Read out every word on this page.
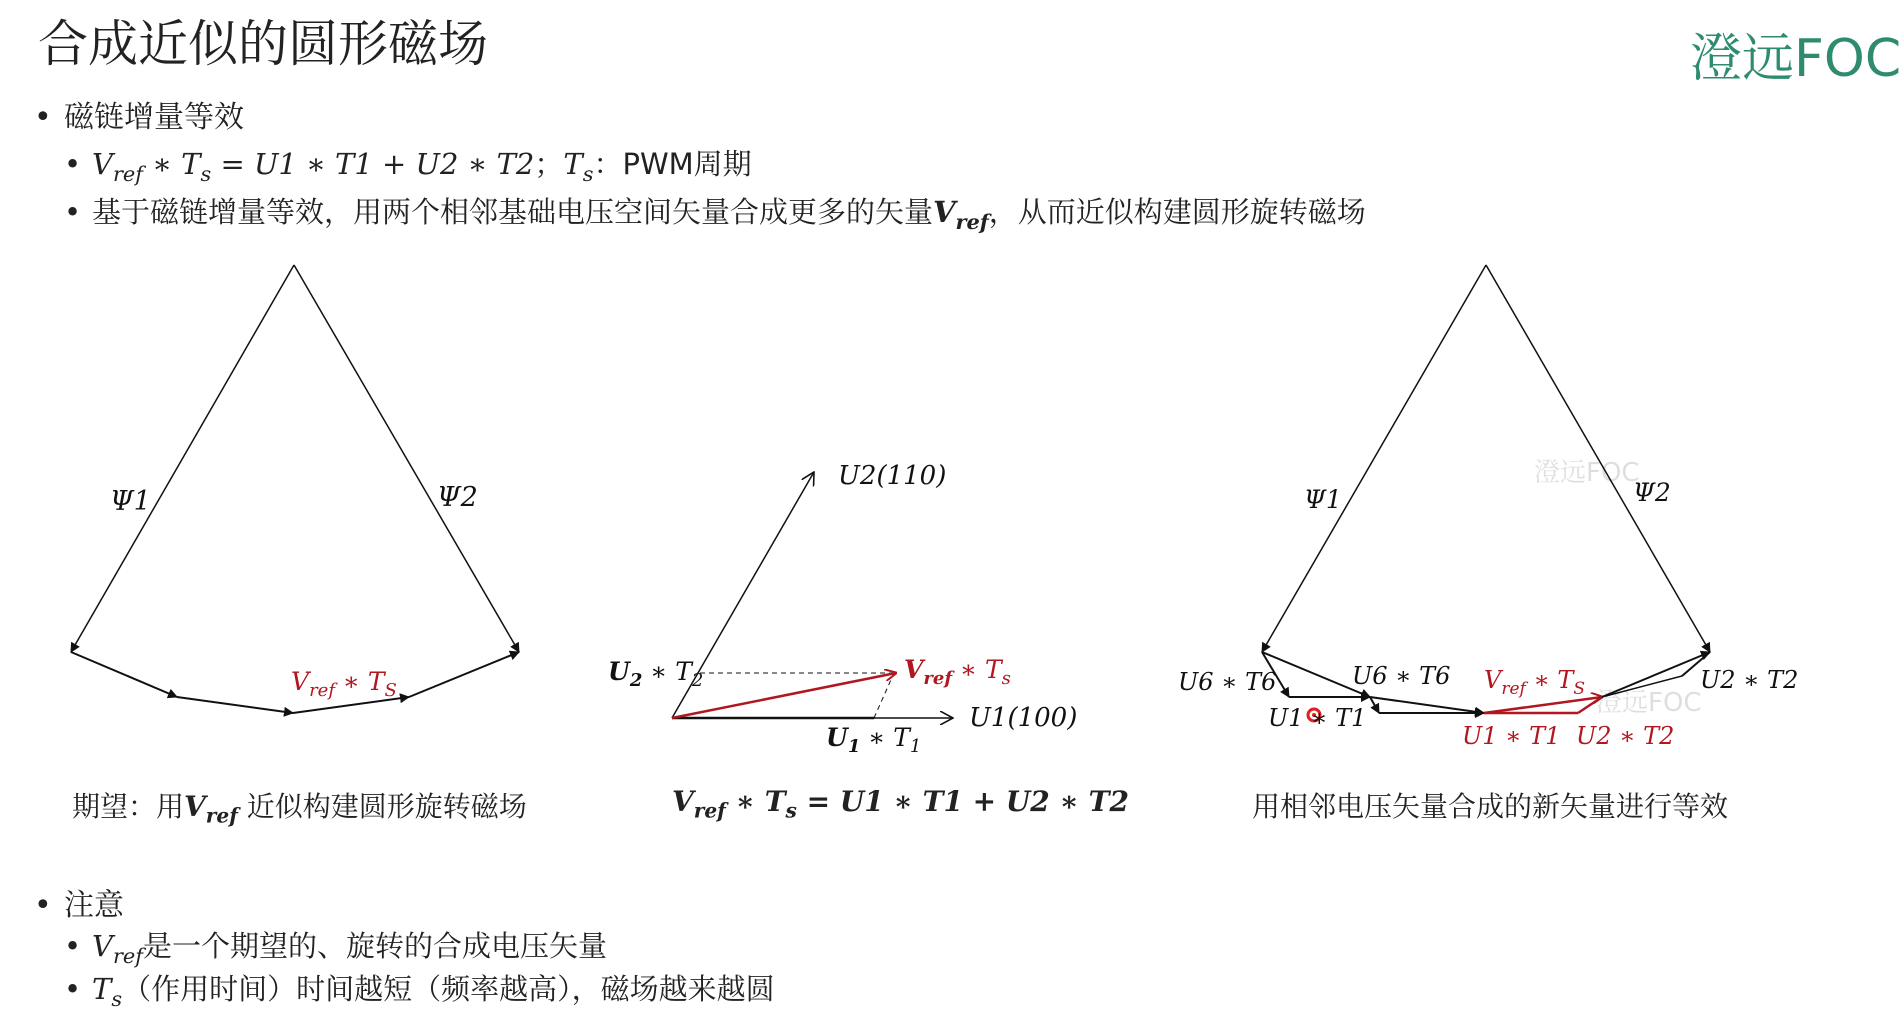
合成近似的圆形磁场	澄远FOC
• 磁链增量等效
• $V_{ref}$ ∗ $T_s = U1$ ∗ T1 + U2 ∗ T2；$T_s$：PWM周期
• 基于磁链增量等效，用两个相邻基础电压空间矢量合成更多的矢量$V_{ref}$，从而近似构建圆形旋转磁场
Ψ1	Ψ2
$V_{ref}$ ∗ $T_S$
U2(110)
U1(100)
$U_2$ ∗ $T_2$
$U_1$ ∗ $T_1$
$V_{ref}$ ∗ $T_s$
Ψ1	Ψ2
U6 ∗ T6	U6 ∗ T6
U1 ∗ T1
U2 ∗ T2
$V_{ref}$ ∗ $T_S$
U1 ∗ T1 U2 ∗ T2
澄远FOC
澄远FOC
期望：用$V_{ref}$ 近似构建圆形旋转磁场	$V_{ref}$ ∗ $T_s = U1$ ∗ T1 + U2 ∗ T2	用相邻电压矢量合成的新矢量进行等效
• 注意
• $V_{ref}$是一个期望的、旋转的合成电压矢量
• $T_s$（作用时间）时间越短（频率越高），磁场越来越圆
